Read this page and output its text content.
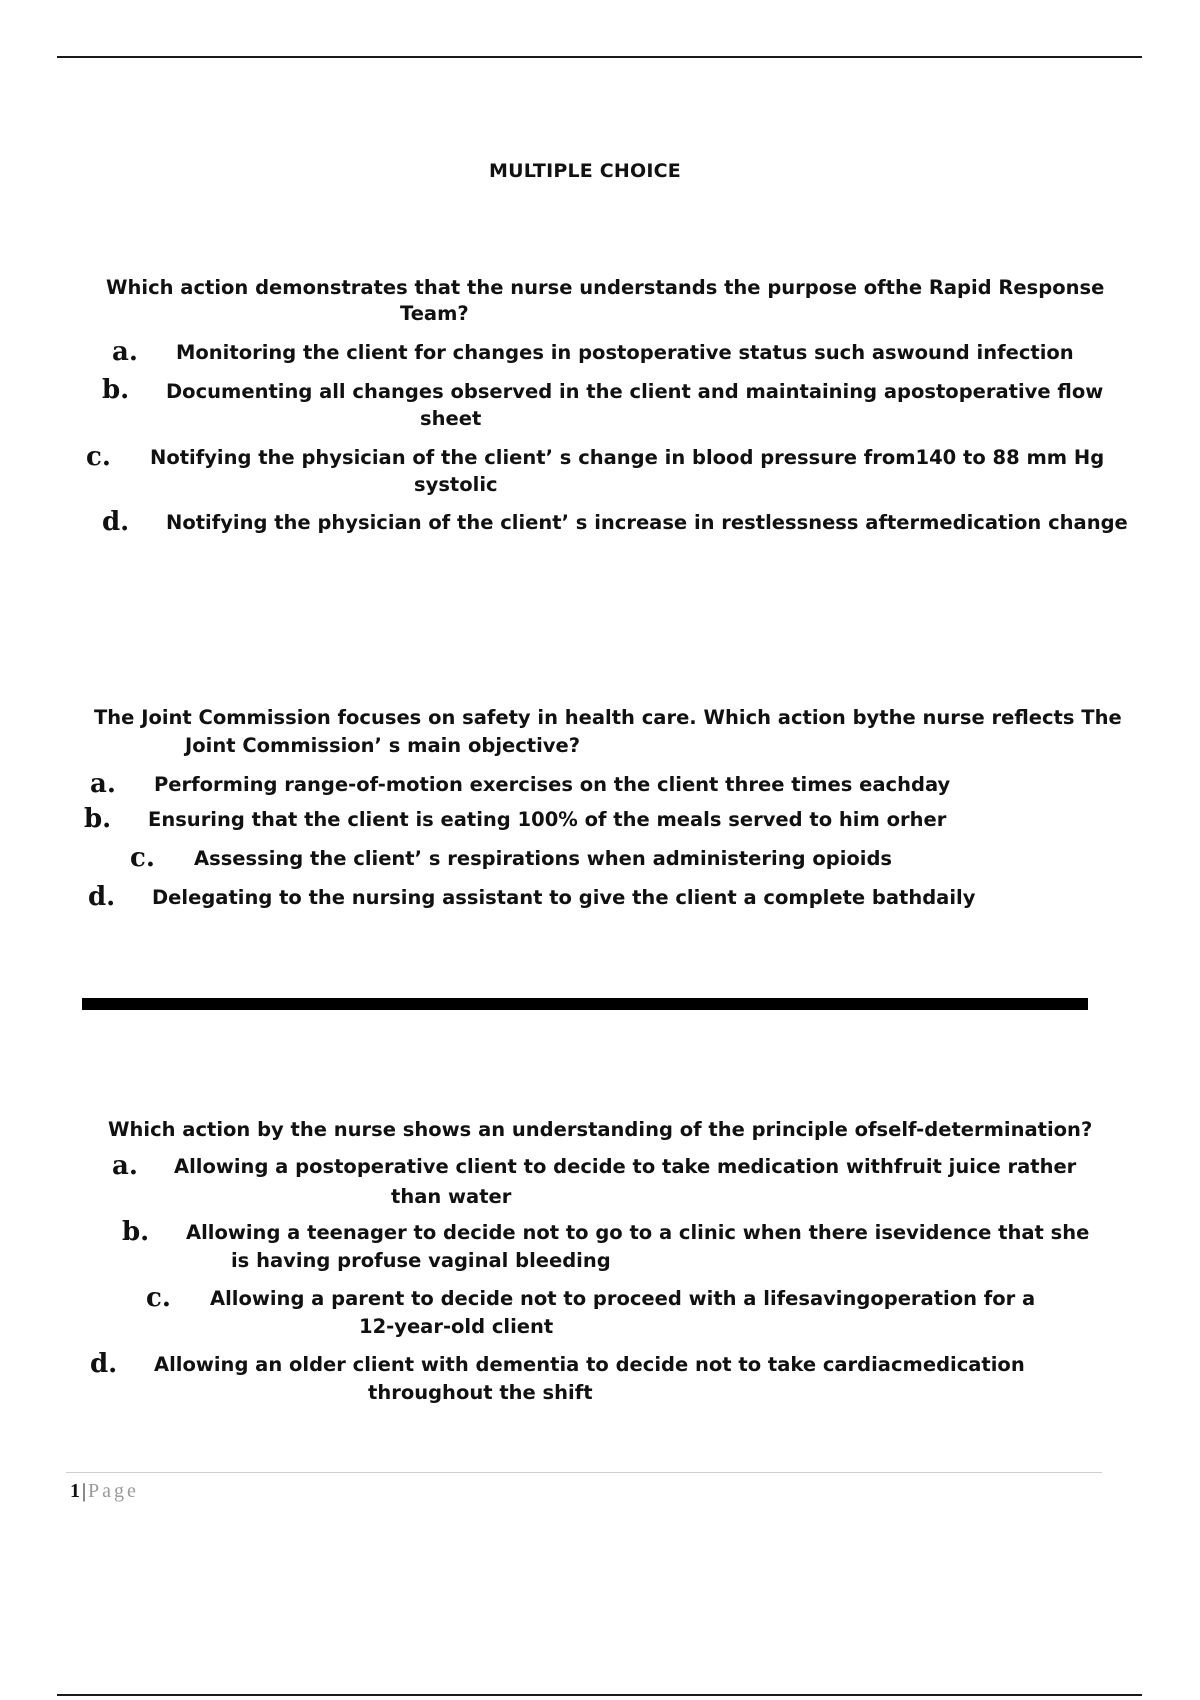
MULTIPLE CHOICE
Which action demonstrates that the nurse understands the purpose ofthe Rapid Response
Team?
a. Monitoring the client for changes in postoperative status such aswound infection
b. Documenting all changes observed in the client and maintaining apostoperative flow
sheet
c. Notifying the physician of the client’ s change in blood pressure from140 to 88 mm Hg
systolic
d. Notifying the physician of the client’ s increase in restlessness aftermedication change
The Joint Commission focuses on safety in health care. Which action bythe nurse reflects The
Joint Commission’ s main objective?
a. Performing range-of-motion exercises on the client three times eachday
b. Ensuring that the client is eating 100% of the meals served to him orher
c. Assessing the client’ s respirations when administering opioids
d. Delegating to the nursing assistant to give the client a complete bathdaily
Which action by the nurse shows an understanding of the principle ofself-determination?
a. Allowing a postoperative client to decide to take medication withfruit juice rather
than water
b. Allowing a teenager to decide not to go to a clinic when there isevidence that she
is having profuse vaginal bleeding
c. Allowing a parent to decide not to proceed with a lifesavingoperation for a
12-year-old client
d. Allowing an older client with dementia to decide not to take cardiacmedication
throughout the shift
1 | Page
